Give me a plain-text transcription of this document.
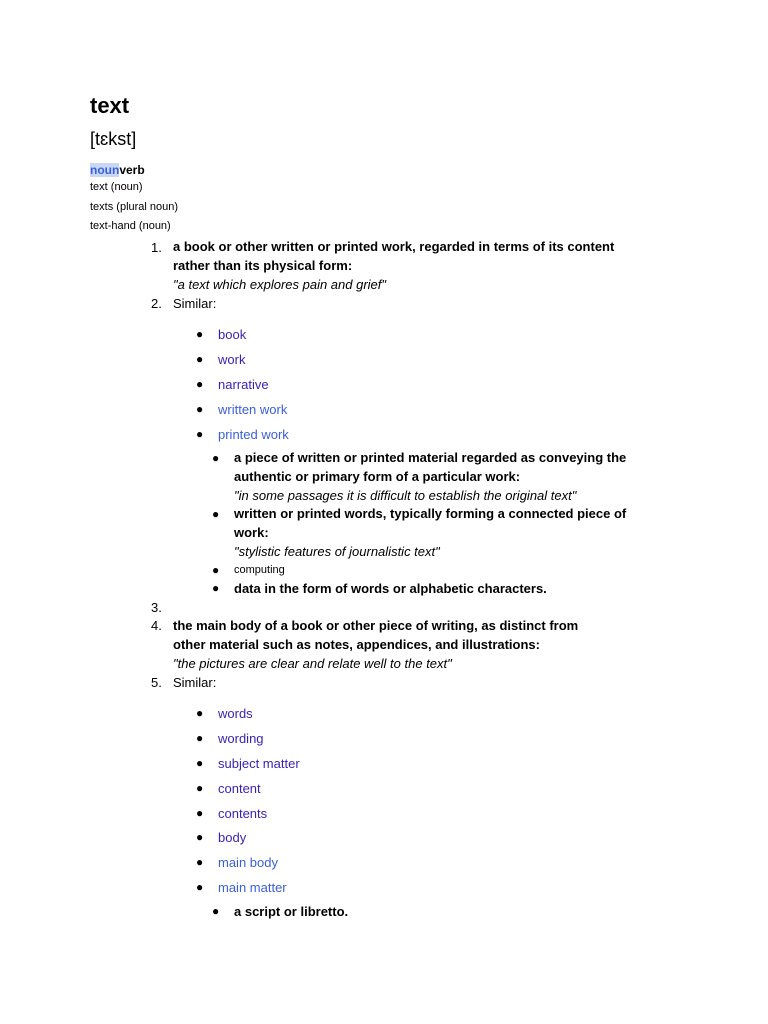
text
[tɛkst]
nounverb
text (noun)
texts (plural noun)
text-hand (noun)
1. a book or other written or printed work, regarded in terms of its content rather than its physical form:
"a text which explores pain and grief"
2. Similar:
● book
● work
● narrative
● written work
● printed work
● a piece of written or printed material regarded as conveying the authentic or primary form of a particular work:
"in some passages it is difficult to establish the original text"
● written or printed words, typically forming a connected piece of work:
"stylistic features of journalistic text"
● computing
● data in the form of words or alphabetic characters.
3.
4. the main body of a book or other piece of writing, as distinct from other material such as notes, appendices, and illustrations:
"the pictures are clear and relate well to the text"
5. Similar:
● words
● wording
● subject matter
● content
● contents
● body
● main body
● main matter
● a script or libretto.
